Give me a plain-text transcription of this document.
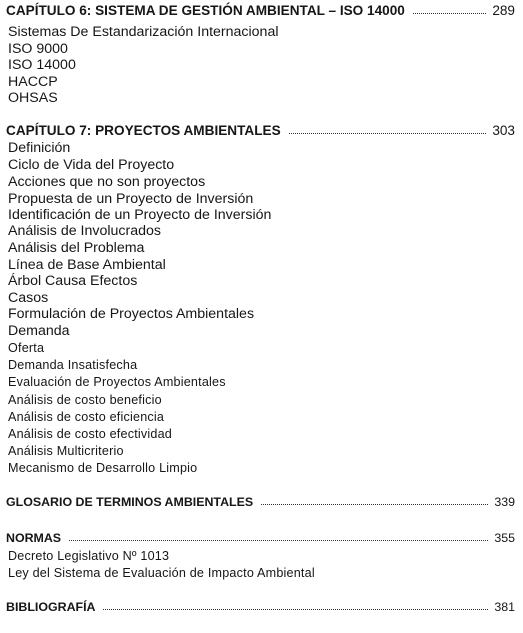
CAPÍTULO 6: SISTEMA DE GESTIÓN AMBIENTAL – ISO 14000	289
Sistemas De Estandarización Internacional
ISO 9000
ISO 14000
HACCP
OHSAS
CAPÍTULO 7: PROYECTOS AMBIENTALES	303
Definición
Ciclo de Vida del Proyecto
Acciones que no son proyectos
Propuesta de un Proyecto de Inversión
Identificación de un Proyecto de Inversión
Análisis de Involucrados
Análisis del Problema
Línea de Base Ambiental
Árbol Causa Efectos
Casos
Formulación de Proyectos Ambientales
Demanda
Oferta
Demanda Insatisfecha
Evaluación de Proyectos Ambientales
Análisis de costo beneficio
Análisis de costo eficiencia
Análisis de costo efectividad
Análisis Multicriterio
Mecanismo de Desarrollo Limpio
GLOSARIO DE TERMINOS AMBIENTALES	339
NORMAS	355
Decreto Legislativo Nº 1013
Ley del Sistema de Evaluación de Impacto Ambiental
BIBLIOGRAFÍA	381
